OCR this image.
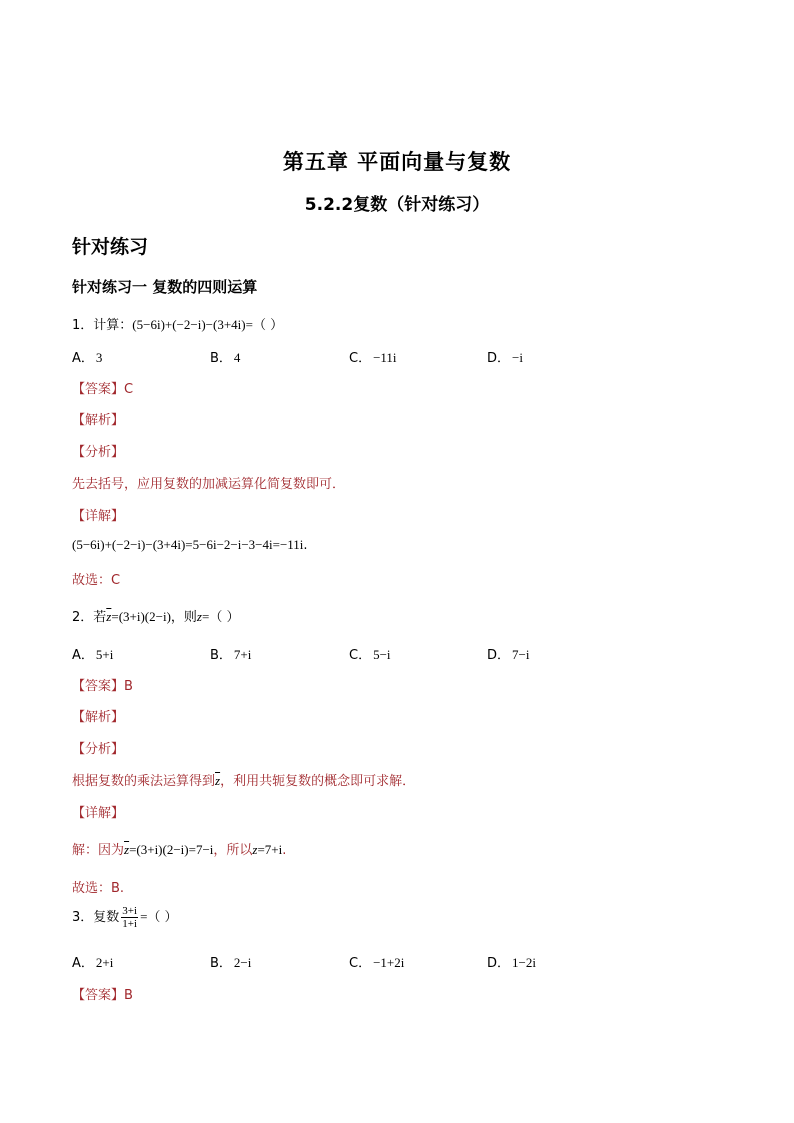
第五章 平面向量与复数
5.2.2复数（针对练习）
针对练习
针对练习一 复数的四则运算
1．计算：(5−6i)+(−2−i)−(3+4i)=（ ）
A． 3	B． 4	C． −11i	D． −i
【答案】C
【解析】
【分析】
先去括号，应用复数的加减运算化简复数即可．
【详解】
(5−6i)+(−2−i)−(3+4i)=5−6i−2−i−3−4i=−11i.
故选：C
2．若$\overline{z}=(3+i)(2-i)$，则z=（ ）
A． 5+i	B． 7+i	C． 5−i	D． 7−i
【答案】B
【解析】
【分析】
根据复数的乘法运算得到$\overline{z}$，利用共轭复数的概念即可求解．
【详解】
解：因为$\overline{z}=(3+i)(2-i)=7-i$，所以z=7+i.
故选：B.
3．复数 $\frac{3+i}{1+i}$ =（ ）
A． 2+i	B． 2−i	C． −1+2i	D． 1−2i
【答案】B
